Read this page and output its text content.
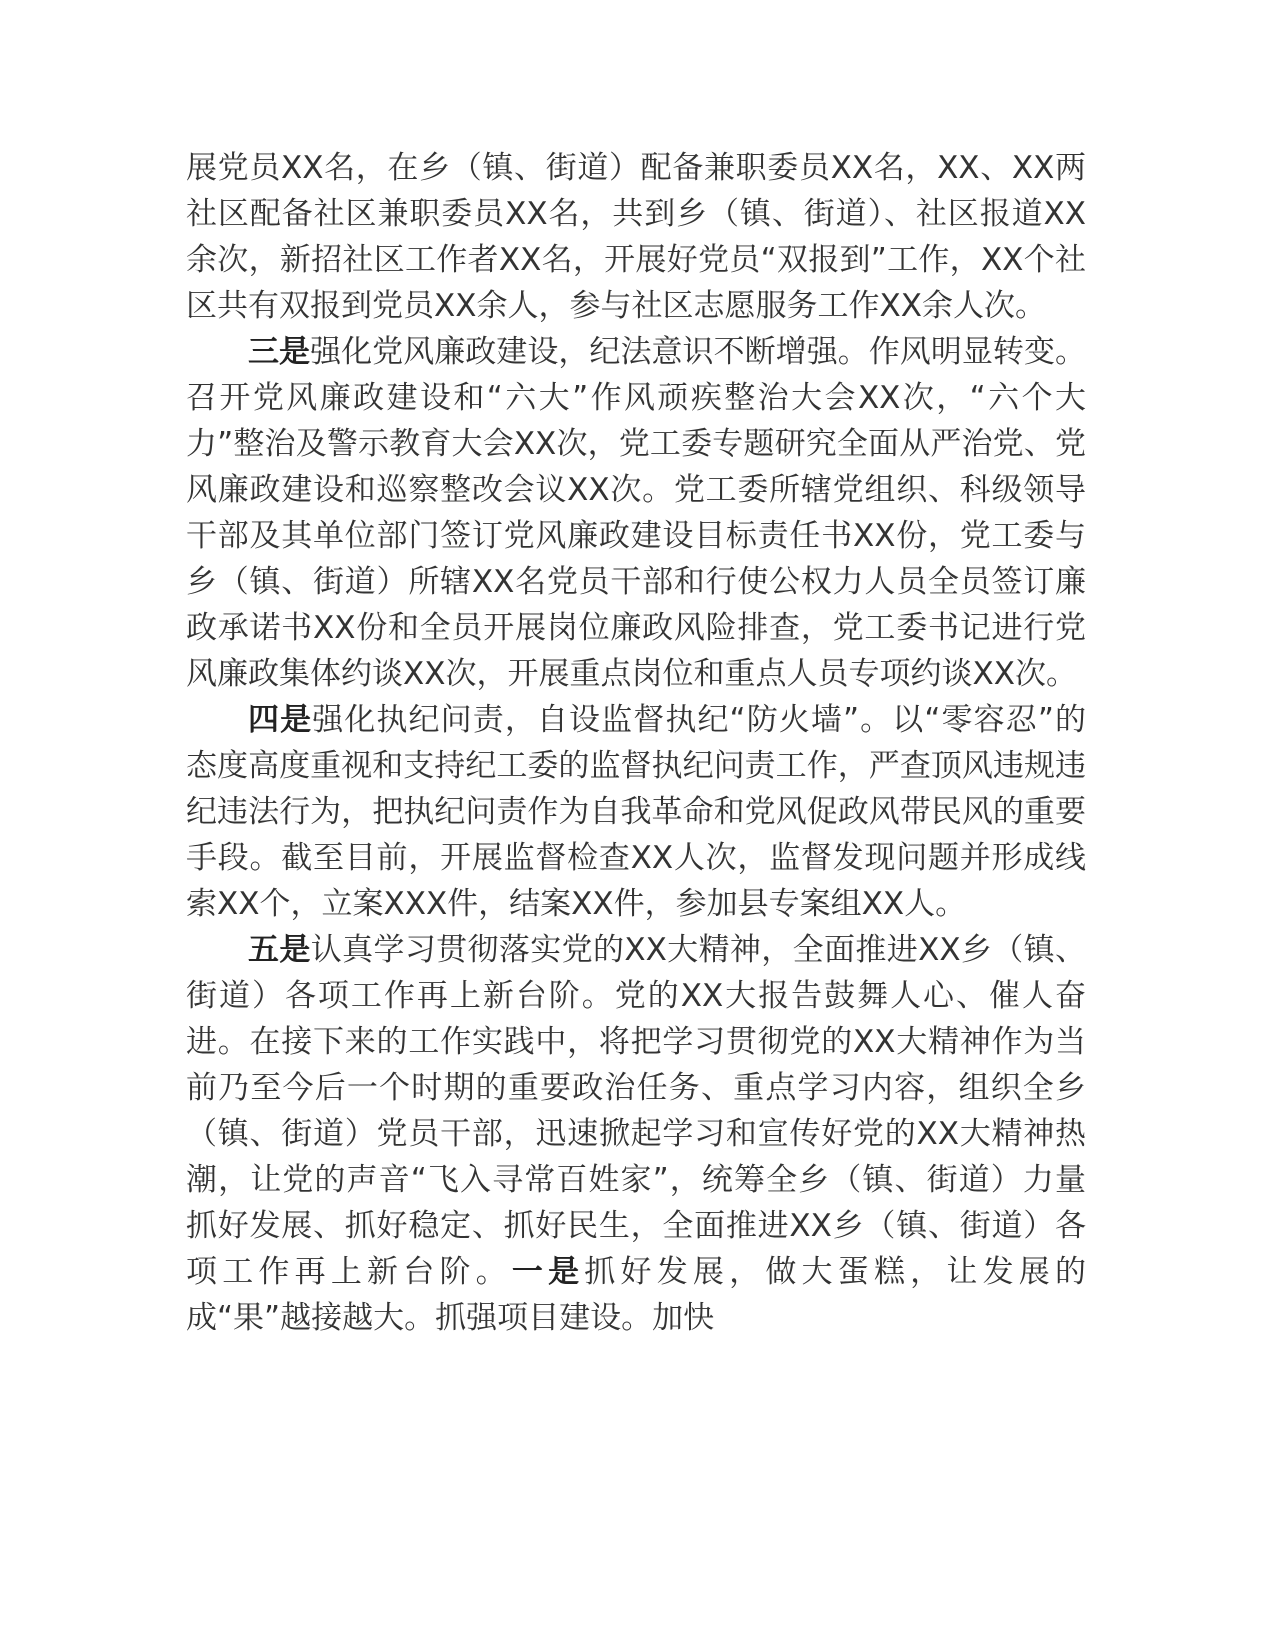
展党员XX名，在乡（镇、街道）配备兼职委员XX名，XX、XX两社区配备社区兼职委员XX名，共到乡（镇、街道）、社区报道XX余次，新招社区工作者XX名，开展好党员“双报到”工作，XX个社区共有双报到党员XX余人，参与社区志愿服务工作XX余人次。

三是强化党风廉政建设，纪法意识不断增强。作风明显转变。召开党风廉政建设和“六大”作风顽疾整治大会XX次，“六个大力”整治及警示教育大会XX次，党工委专题研究全面从严治党、党风廉政建设和巡察整改会议XX次。党工委所辖党组织、科级领导干部及其单位部门签订党风廉政建设目标责任书XX份，党工委与乡（镇、街道）所辖XX名党员干部和行使公权力人员全员签订廉政承诺书XX份和全员开展岗位廉政风险排查，党工委书记进行党风廉政集体约谈XX次，开展重点岗位和重点人员专项约谈XX次。

四是强化执纪问责，自设监督执纪“防火墙”。以“零容忍”的态度高度重视和支持纪工委的监督执纪问责工作，严查顶风违规违纪违法行为，把执纪问责作为自我革命和党风促政风带民风的重要手段。截至目前，开展监督检查XX人次，监督发现问题并形成线索XX个，立案XXX件，结案XX件，参加县专案组XX人。

五是认真学习贯彻落实党的XX大精神，全面推进XX乡（镇、街道）各项工作再上新台阶。党的XX大报告鼓舞人心、催人奋进。在接下来的工作实践中，将把学习贯彻党的XX大精神作为当前乃至今后一个时期的重要政治任务、重点学习内容，组织全乡（镇、街道）党员干部，迅速掀起学习和宣传好党的XX大精神热潮，让党的声音“飞入寻常百姓家”，统筹全乡（镇、街道）力量抓好发展、抓好稳定、抓好民生，全面推进XX乡（镇、街道）各项工作再上新台阶。一是抓好发展，做大蛋糕，让发展的成“果”越接越大。抓强项目建设。加快
